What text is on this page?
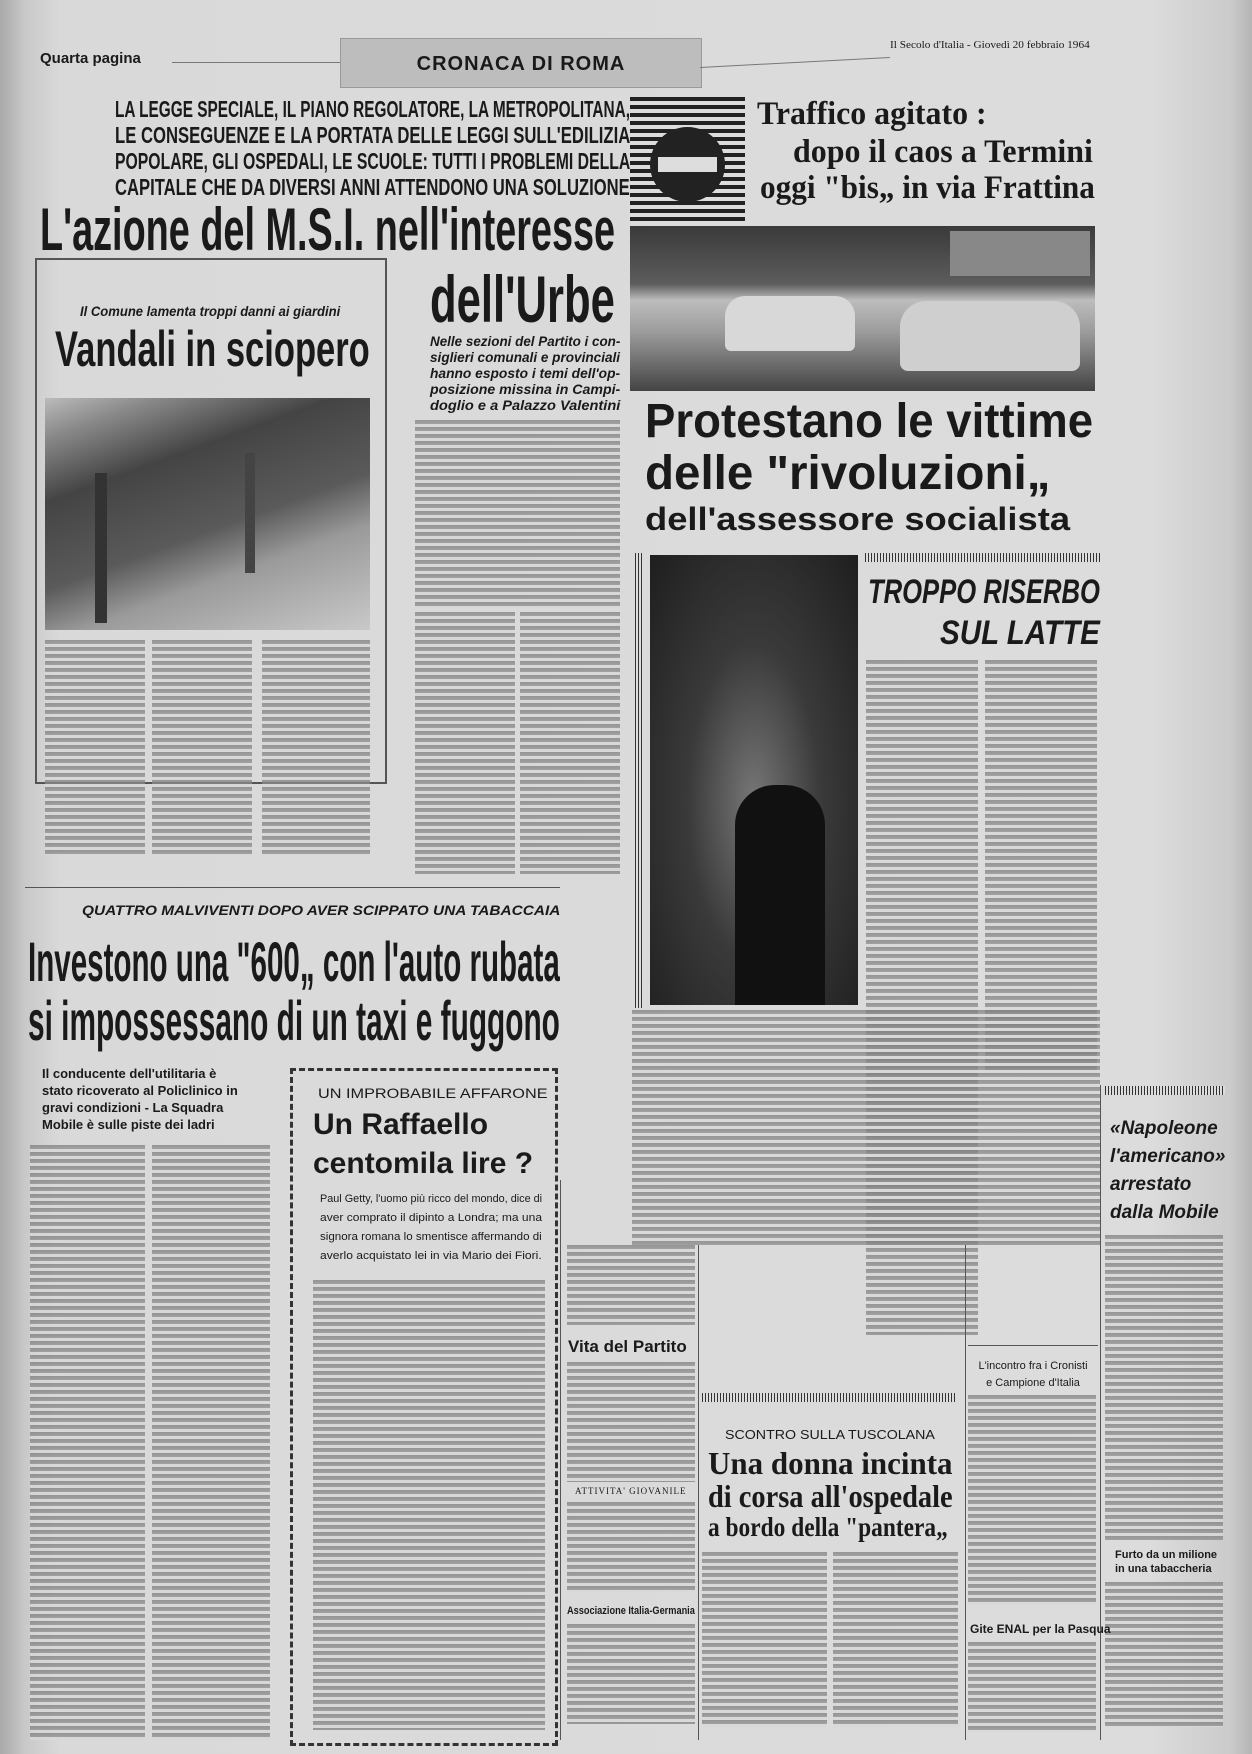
Quarta pagina	CRONACA DI ROMA
Il Secolo d'Italia - Giovedì 20 febbraio 1964
LA LEGGE SPECIALE, IL PIANO REGOLATORE, LA METROPOLITANA,
LE CONSEGUENZE E LA PORTATA DELLE LEGGI SULL'EDILIZIA
POPOLARE, GLI OSPEDALI, LE SCUOLE: TUTTI I PROBLEMI DELLA
CAPITALE CHE DA DIVERSI ANNI ATTENDONO UNA SOLUZIONE
L'azione del M.S.I. nell'interesse
dell'Urbe
Nelle sezioni del Partito i con-
siglieri comunali e provinciali
hanno esposto i temi dell'op-
posizione missina in Campi-
doglio e a Palazzo Valentini
Il Comune lamenta troppi danni ai giardini
Vandali in sciopero
Traffico agitato :
dopo il caos a Termini
oggi "bis„ in via Frattina
Protestano le vittime
delle "rivoluzioni„
dell'assessore socialista
TROPPO RISERBO
SUL LATTE
«Napoleone
l'americano»
arrestato
dalla Mobile
Furto da un milione
in una tabaccheria
L'incontro fra i Cronisti
e Campione d'Italia
Gite ENAL per la Pasqua
QUATTRO MALVIVENTI DOPO AVER SCIPPATO UNA TABACCAIA
Investono una "600„ con l'auto rubata
si impossessano di un taxi e fuggono
Il conducente dell'utilitaria è
stato ricoverato al Policlinico in
gravi condizioni - La Squadra
Mobile è sulle piste dei ladri
UN IMPROBABILE AFFARONE
Un Raffaello
centomila lire ?
Paul Getty, l'uomo più ricco del mondo, dice di
aver comprato il dipinto a Londra; ma una
signora romana lo smentisce affermando di
averlo acquistato lei in via Mario dei Fiori.
Vita del Partito
ATTIVITA' GIOVANILE
Associazione Italia-Germania
SCONTRO SULLA TUSCOLANA
Una donna incinta
di corsa all'ospedale
a bordo della "pantera„
